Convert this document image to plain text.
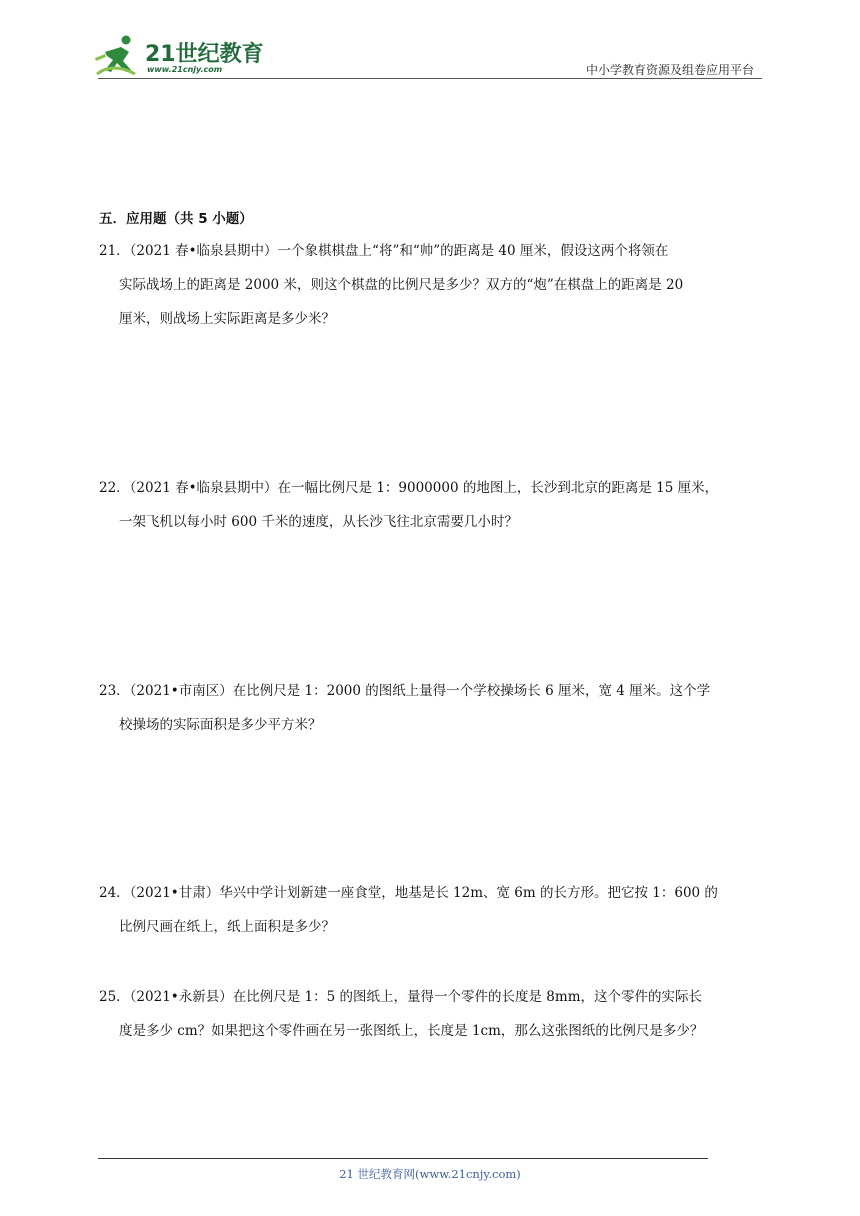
21世纪教育
www.21cnjy.com	中小学教育资源及组卷应用平台
五．应用题（共 5 小题）
21．（2021 春•临泉县期中）一个象棋棋盘上“将”和“帅”的距离是 40 厘米，假设这两个将领在
实际战场上的距离是 2000 米，则这个棋盘的比例尺是多少？双方的“炮”在棋盘上的距离是 20
厘米，则战场上实际距离是多少米？
22．（2021 春•临泉县期中）在一幅比例尺是 1：9000000 的地图上，长沙到北京的距离是 15 厘米，
一架飞机以每小时 600 千米的速度，从长沙飞往北京需要几小时？
23．（2021•市南区）在比例尺是 1：2000 的图纸上量得一个学校操场长 6 厘米，宽 4 厘米。这个学
校操场的实际面积是多少平方米？
24．（2021•甘肃）华兴中学计划新建一座食堂，地基是长 12m、宽 6m 的长方形。把它按 1：600 的
比例尺画在纸上，纸上面积是多少？
25．（2021•永新县）在比例尺是 1：5 的图纸上，量得一个零件的长度是 8mm，这个零件的实际长
度是多少 cm？如果把这个零件画在另一张图纸上，长度是 1cm，那么这张图纸的比例尺是多少？
21 世纪教育网(www.21cnjy.com)
